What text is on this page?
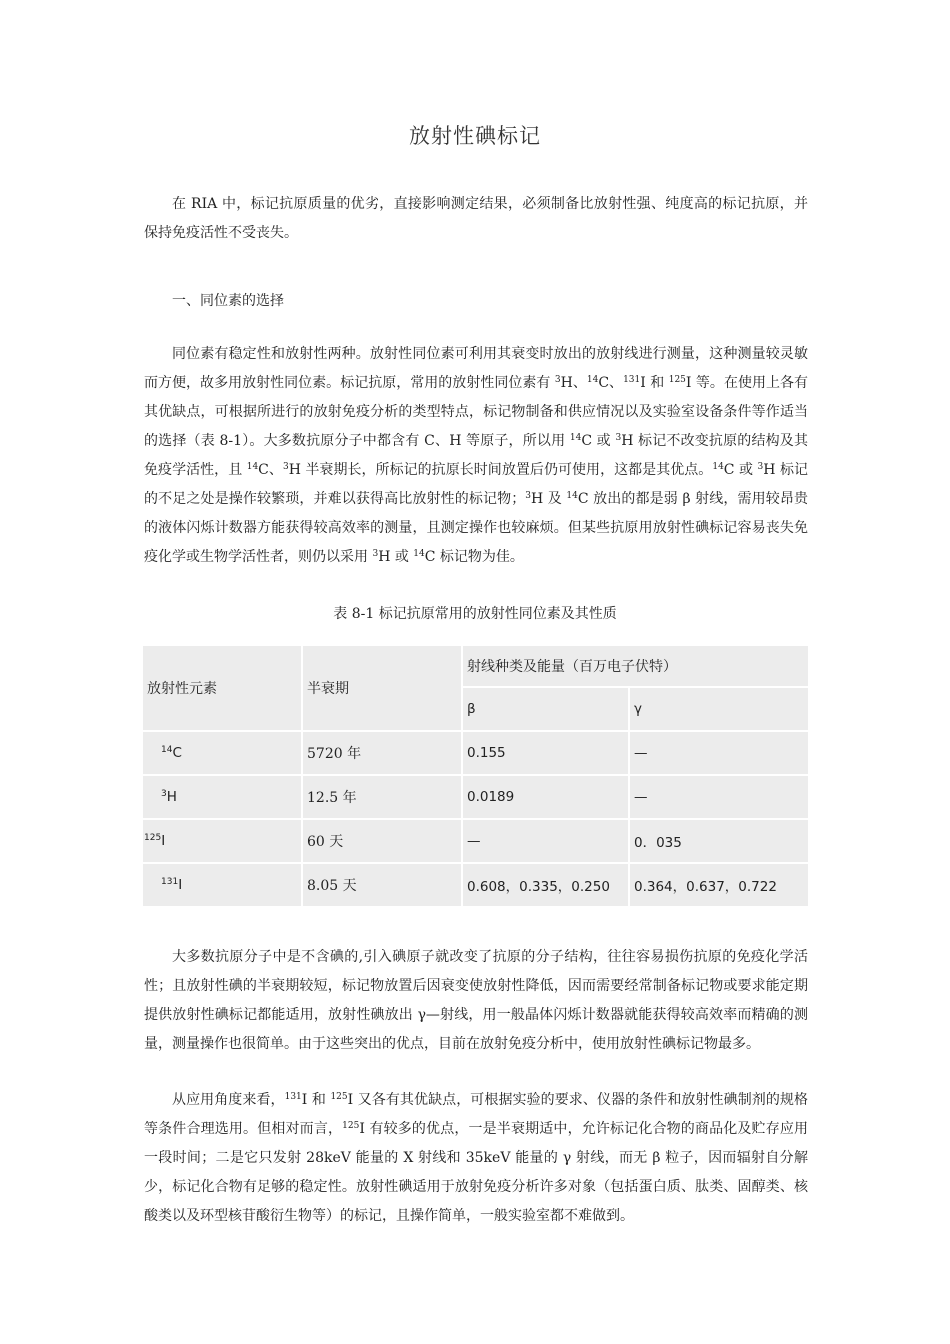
放射性碘标记

在 RIA 中，标记抗原质量的优劣，直接影响测定结果，必须制备比放射性强、纯度高的标记抗原，并保持免疫活性不受丧失。

一、同位素的选择

同位素有稳定性和放射性两种。放射性同位素可利用其衰变时放出的放射线进行测量，这种测量较灵敏而方便，故多用放射性同位素。标记抗原，常用的放射性同位素有 $^3$H、$^{14}$C、$^{131}$I 和 $^{125}$I 等。在使用上各有其优缺点，可根据所进行的放射免疫分析的类型特点，标记物制备和供应情况以及实验室设备条件等作适当的选择（表 8-1）。大多数抗原分子中都含有 C、H 等原子，所以用 $^{14}$C 或 $^3$H 标记不改变抗原的结构及其免疫学活性，且 $^{14}$C、$^3$H 半衰期长，所标记的抗原长时间放置后仍可使用，这都是其优点。$^{14}$C 或 $^3$H 标记的不足之处是操作较繁琐，并难以获得高比放射性的标记物；$^3$H 及 $^{14}$C 放出的都是弱 β 射线，需用较昂贵的液体闪烁计数器方能获得较高效率的测量，且测定操作也较麻烦。但某些抗原用放射性碘标记容易丧失免疫化学或生物学活性者，则仍以采用 $^3$H 或 $^{14}$C 标记物为佳。

表 8-1 标记抗原常用的放射性同位素及其性质
放射性元素	半衰期	射线种类及能量（百万电子伏特）	
		β	γ
$^{14}$C	5720 年	0.155	—
$^3$H	12.5 年	0.0189	—
$^{125}$I	60 天	—	0．035
$^{131}$I	8.05 天	0.608，0.335，0.250	0.364，0.637，0.722

大多数抗原分子中是不含碘的,引入碘原子就改变了抗原的分子结构，往往容易损伤抗原的免疫化学活性；且放射性碘的半衰期较短，标记物放置后因衰变使放射性降低，因而需要经常制备标记物或要求能定期提供放射性碘标记都能适用，放射性碘放出 γ—射线，用一般晶体闪烁计数器就能获得较高效率而精确的测量，测量操作也很简单。由于这些突出的优点，目前在放射免疫分析中，使用放射性碘标记物最多。

从应用角度来看，$^{131}$I 和 $^{125}$I 又各有其优缺点，可根据实验的要求、仪器的条件和放射性碘制剂的规格等条件合理选用。但相对而言，$^{125}$I 有较多的优点，一是半衰期适中，允许标记化合物的商品化及贮存应用一段时间；二是它只发射 28keV 能量的 X 射线和 35keV 能量的 γ 射线，而无 β 粒子，因而辐射自分解少，标记化合物有足够的稳定性。放射性碘适用于放射免疫分析许多对象（包括蛋白质、肽类、固醇类、核酸类以及环型核苷酸衍生物等）的标记，且操作简单，一般实验室都不难做到。
